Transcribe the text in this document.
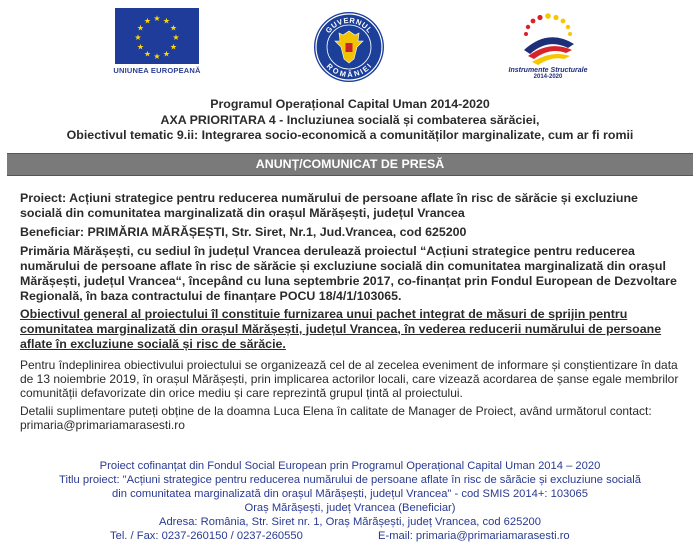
★ ★
★
★
★
★
★
★
★
★
★
★
UNIUNEA EUROPEANĂ
GUVERNUL
ROMÂNIEI
Instrumente Structurale
2014-2020
Programul Operațional Capital Uman 2014-2020
AXA PRIORITARA 4 - Incluziunea socială și combaterea sărăciei,
Obiectivul tematic 9.ii: Integrarea socio-economică a comunităților marginalizate, cum ar fi romii
ANUNȚ/COMUNICAT DE PRESĂ

Proiect: Acțiuni strategice pentru reducerea numărului de persoane aflate în risc de sărăcie și excluziune socială din comunitatea marginalizată din orașul Mărășești, județul Vrancea

Beneficiar: PRIMĂRIA MĂRĂȘEȘTI, Str. Siret, Nr.1, Jud.Vrancea, cod 625200

Primăria Mărășești, cu sediul în județul Vrancea derulează proiectul “Acțiuni strategice pentru reducerea numărului de persoane aflate în risc de sărăcie și excluziune socială din comunitatea marginalizată din orașul Mărășești, județul Vrancea“, începând cu luna septembrie 2017, co-finanțat prin Fondul European de Dezvoltare Regională, în baza contractului de finanțare POCU 18/4/1/103065.

Obiectivul general al proiectului îl constituie furnizarea unui pachet integrat de măsuri de sprijin pentru comunitatea marginalizată din orașul Mărășești, județul Vrancea, în vederea reducerii numărului de persoane aflate în excluziune socială și risc de sărăcie.

Pentru îndeplinirea obiectivului proiectului se organizează cel de al zecelea eveniment de informare și conștientizare în data de 13 noiembrie 2019, în orașul Mărășești, prin implicarea actorilor locali, care vizează acordarea de șanse egale membrilor comunității defavorizate din orice mediu și care reprezintă grupul țintă al proiectului.

Detalii suplimentare puteți obține de la doamna Luca Elena în calitate de Manager de Proiect, având următorul contact: primaria@primariamarasesti.ro

Proiect cofinanțat din Fondul Social European prin Programul Operațional Capital Uman 2014 – 2020
Titlu proiect: "Acțiuni strategice pentru reducerea numărului de persoane aflate în risc de sărăcie și excluziune socială
din comunitatea marginalizată din orașul Mărășești, județul Vrancea" - cod SMIS 2014+: 103065
Oraș Mărășești, județ Vrancea (Beneficiar)
Adresa: România, Str. Siret nr. 1, Oraș Mărășești, județ Vrancea, cod 625200
Tel. / Fax: 0237-260150 / 0237-260550	E-mail: primaria@primariamarasesti.ro
